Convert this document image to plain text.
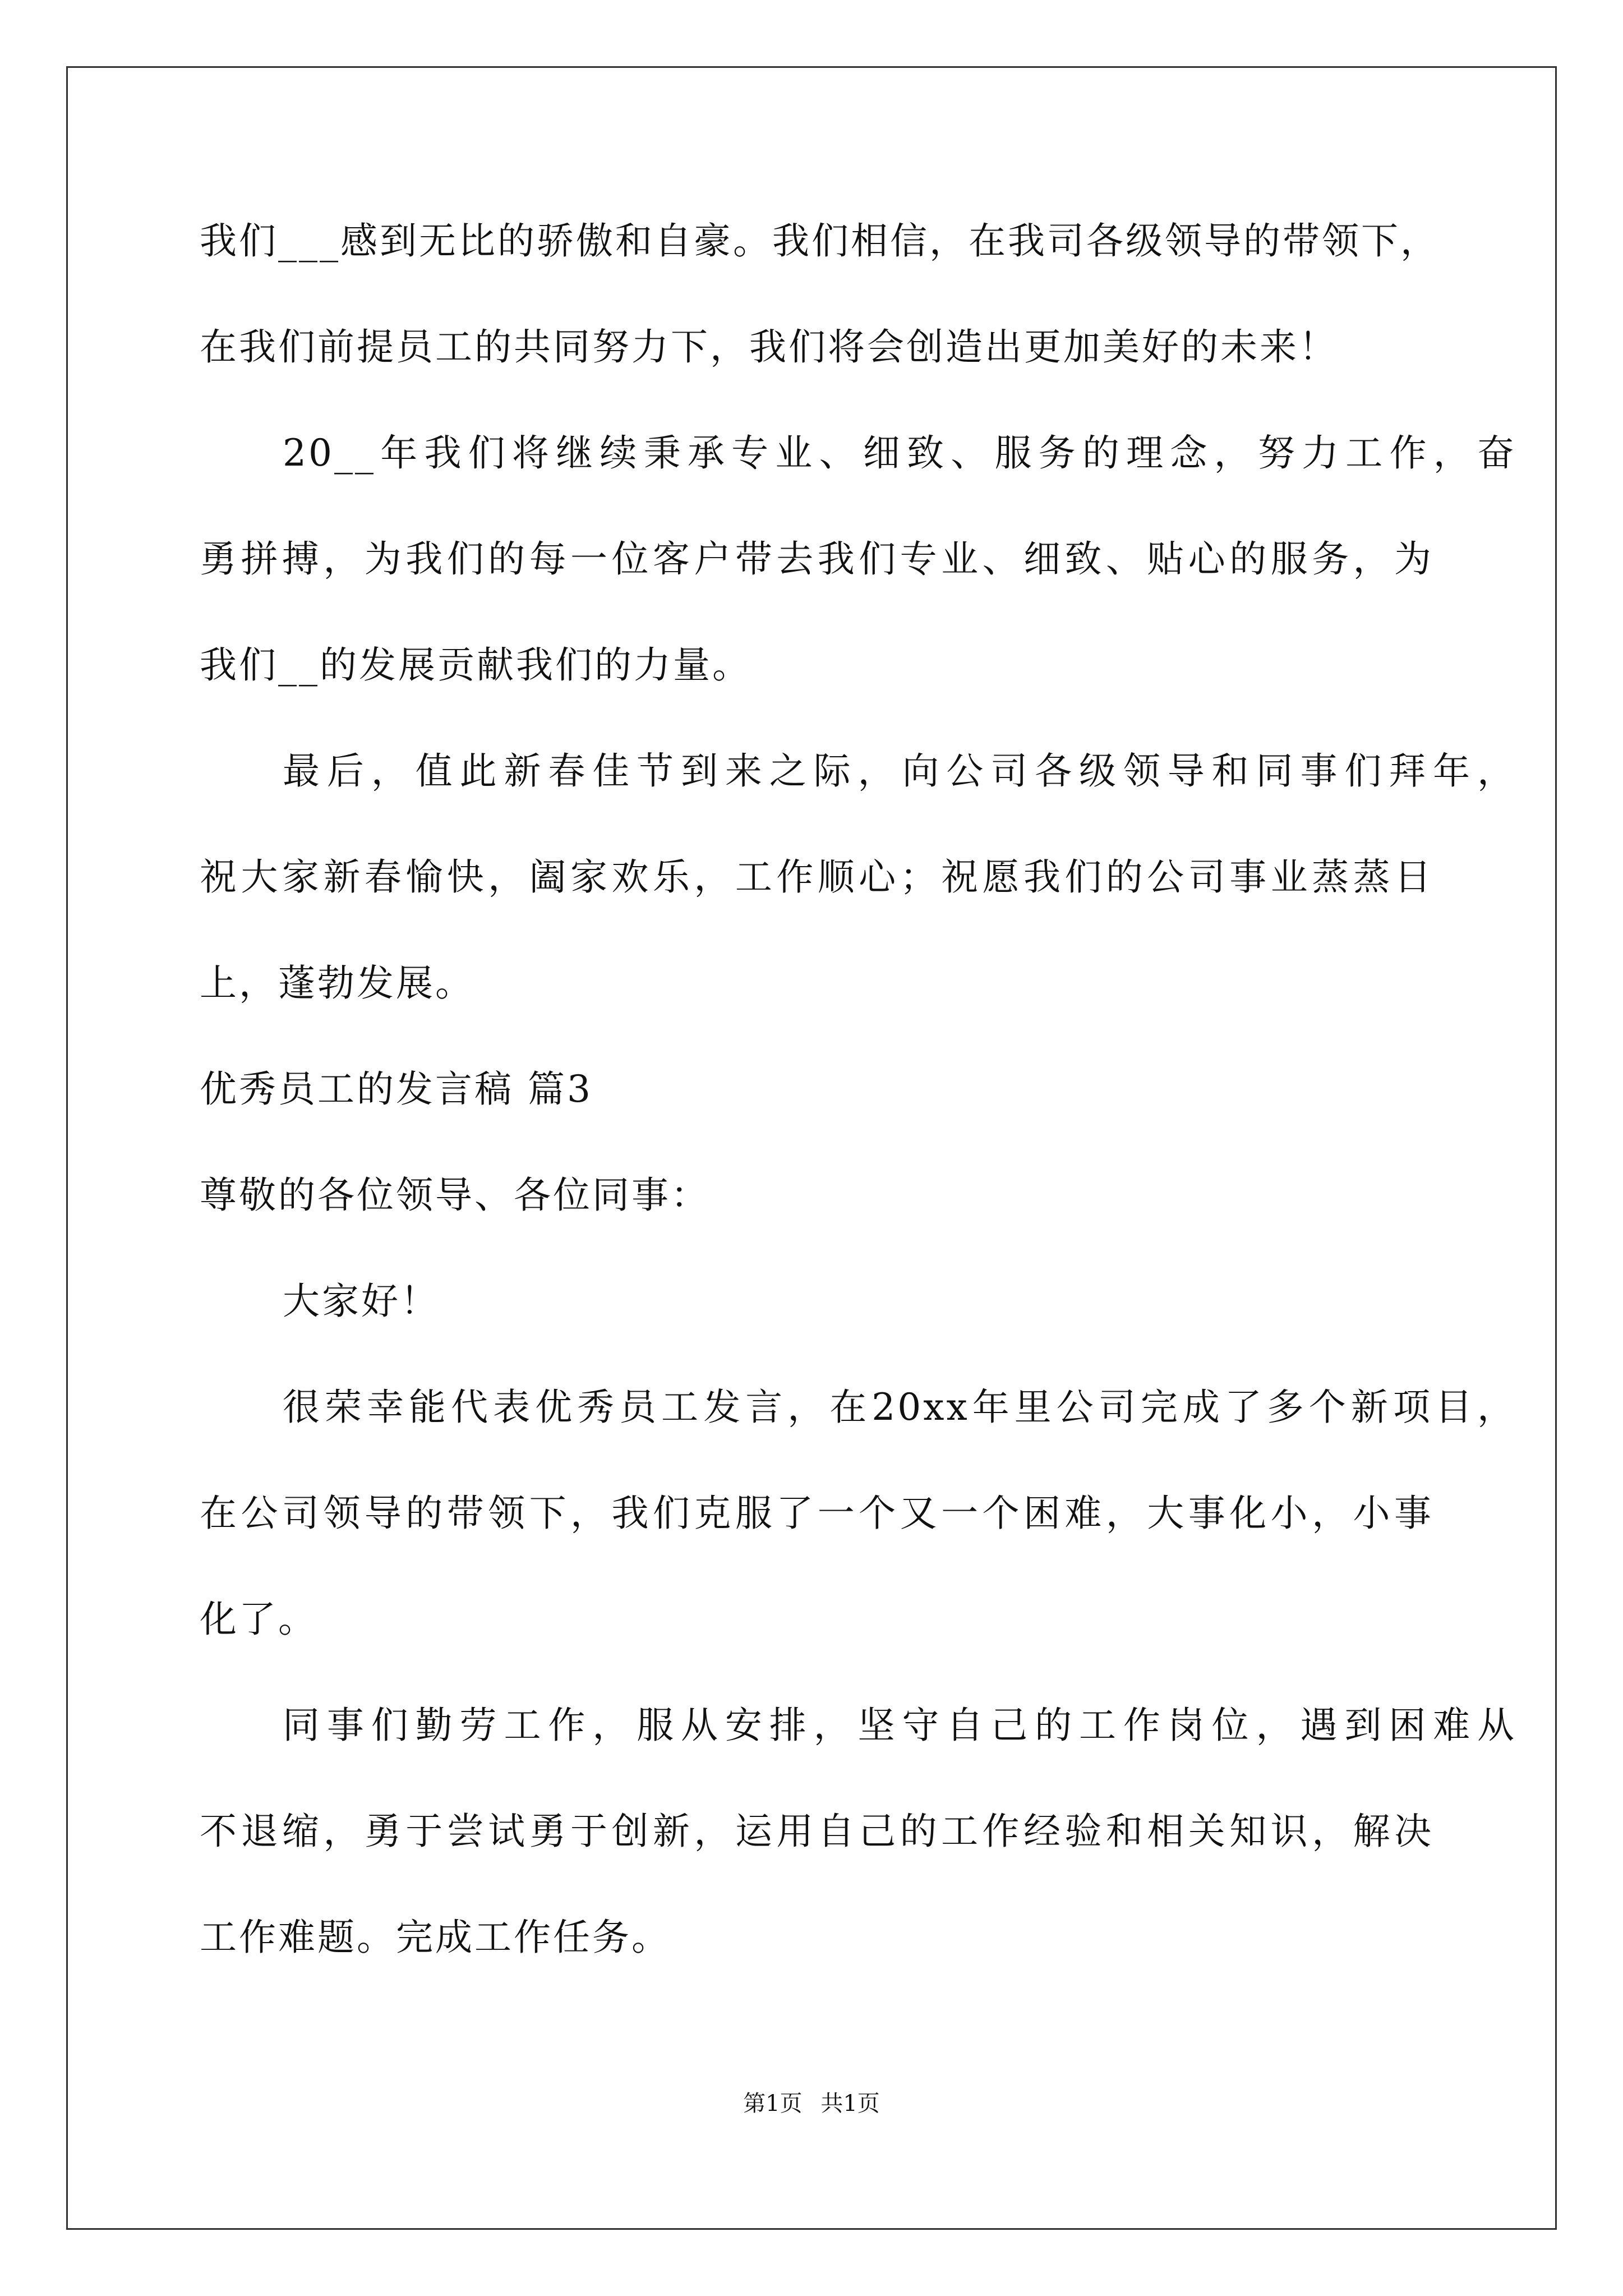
我们___感到无比的骄傲和自豪。我们相信，在我司各级领导的带领下，
在我们前提员工的共同努力下，我们将会创造出更加美好的未来！
20__年我们将继续秉承专业、细致、服务的理念，努力工作，奋
勇拼搏，为我们的每一位客户带去我们专业、细致、贴心的服务，为
我们__的发展贡献我们的力量。
最后，值此新春佳节到来之际，向公司各级领导和同事们拜年，
祝大家新春愉快，阖家欢乐，工作顺心；祝愿我们的公司事业蒸蒸日
上，蓬勃发展。
优秀员工的发言稿 篇3
尊敬的各位领导、各位同事：
大家好！
很荣幸能代表优秀员工发言，在20xx年里公司完成了多个新项目，
在公司领导的带领下，我们克服了一个又一个困难，大事化小，小事
化了。
同事们勤劳工作，服从安排，坚守自己的工作岗位，遇到困难从
不退缩，勇于尝试勇于创新，运用自己的工作经验和相关知识，解决
工作难题。完成工作任务。
第1页 共1页
